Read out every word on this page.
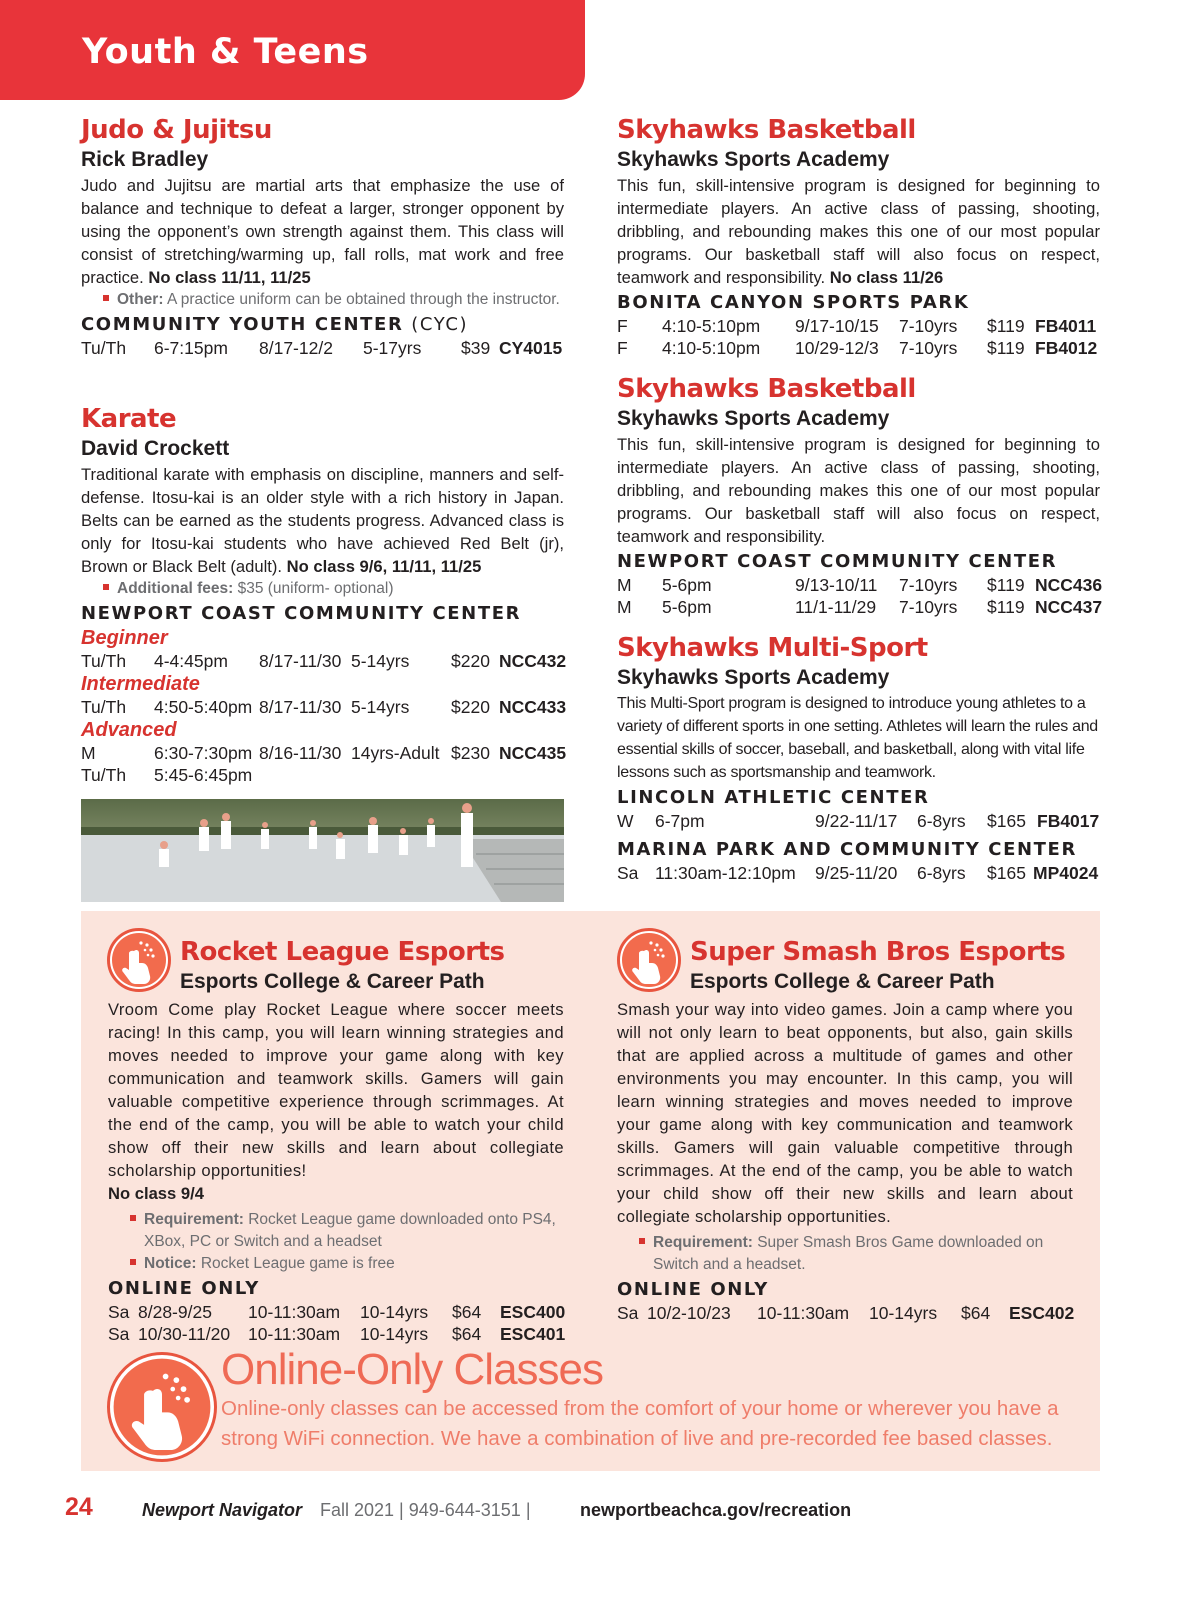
Youth & Teens
Judo & Jujitsu
Rick Bradley
Judo and Jujitsu are martial arts that emphasize the use of balance and technique to defeat a larger, stronger opponent by using the opponent’s own strength against them. This class will consist of stretching/warming up, fall rolls, mat work and free practice. No class 11/11, 11/25
Other: A practice uniform can be obtained through the instructor.
COMMUNITY YOUTH CENTER (CYC)
Tu/Th 6-7:15pm 8/17-12/2 5-17yrs $39 CY4015
Karate
David Crockett
Traditional karate with emphasis on discipline, manners and self-defense. Itosu-kai is an older style with a rich history in Japan. Belts can be earned as the students progress. Advanced class is only for Itosu-kai students who have achieved Red Belt (jr), Brown or Black Belt (adult). No class 9/6, 11/11, 11/25
Additional fees: $35 (uniform- optional)
NEWPORT COAST COMMUNITY CENTER
Beginner
Tu/Th 4-4:45pm 8/17-11/30 5-14yrs $220 NCC432
Intermediate
Tu/Th 4:50-5:40pm 8/17-11/30 5-14yrs $220 NCC433
Advanced
M	6:30-7:30pm 8/16-11/30 14yrs-Adult $230 NCC435
Tu/Th 5:45-6:45pm
Skyhawks Basketball
Skyhawks Sports Academy
This fun, skill-intensive program is designed for beginning to intermediate players. An active class of passing, shooting, dribbling, and rebounding makes this one of our most popular programs. Our basketball staff will also focus on respect, teamwork and responsibility. No class 11/26
BONITA CANYON SPORTS PARK
F 4:10-5:10pm 9/17-10/15 7-10yrs $119 FB4011
F 4:10-5:10pm 10/29-12/3 7-10yrs $119 FB4012
Skyhawks Basketball
Skyhawks Sports Academy
This fun, skill-intensive program is designed for beginning to intermediate players. An active class of passing, shooting, dribbling, and rebounding makes this one of our most popular programs. Our basketball staff will also focus on respect, teamwork and responsibility.
NEWPORT COAST COMMUNITY CENTER
M 5-6pm	9/13-10/11 7-10yrs $119 NCC436
M 5-6pm	11/1-11/29 7-10yrs $119 NCC437
Skyhawks Multi-Sport
Skyhawks Sports Academy
This Multi-Sport program is designed to introduce young athletes to a variety of different sports in one setting. Athletes will learn the rules and essential skills of soccer, baseball, and basketball, along with vital life lessons such as sportsmanship and teamwork.
LINCOLN ATHLETIC CENTER
W 6-7pm	9/22-11/17 6-8yrs $165 FB4017
MARINA PARK AND COMMUNITY CENTER
Sa 11:30am-12:10pm 9/25-11/20 6-8yrs $165 MP4024
Rocket League Esports
Esports College & Career Path
Vroom Come play Rocket League where soccer meets racing! In this camp, you will learn winning strategies and moves needed to improve your game along with key communication and teamwork skills. Gamers will gain valuable competitive experience through scrimmages. At the end of the camp, you will be able to watch your child show off their new skills and learn about collegiate scholarship opportunities!
No class 9/4
Requirement: Rocket League game downloaded onto PS4, XBox, PC or Switch and a headset
Notice: Rocket League game is free
ONLINE ONLY
Sa 8/28-9/25 10-11:30am 10-14yrs $64 ESC400
Sa 10/30-11/20 10-11:30am 10-14yrs $64 ESC401
Super Smash Bros Esports
Esports College & Career Path
Smash your way into video games. Join a camp where you will not only learn to beat opponents, but also, gain skills that are applied across a multitude of games and other environments you may encounter. In this camp, you will learn winning strategies and moves needed to improve your game along with key communication and teamwork skills. Gamers will gain valuable competitive through scrimmages. At the end of the camp, you be able to watch your child show off their new skills and learn about collegiate scholarship opportunities.
Requirement: Super Smash Bros Game downloaded on Switch and a headset.
ONLINE ONLY
Sa 10/2-10/23 10-11:30am 10-14yrs $64 ESC402
Online-Only Classes
Online-only classes can be accessed from the comfort of your home or wherever you have a strong WiFi connection. We have a combination of live and pre-recorded fee based classes.
24	Newport Navigator Fall 2021 | 949-644-3151 |	newportbeachca.gov/recreation
